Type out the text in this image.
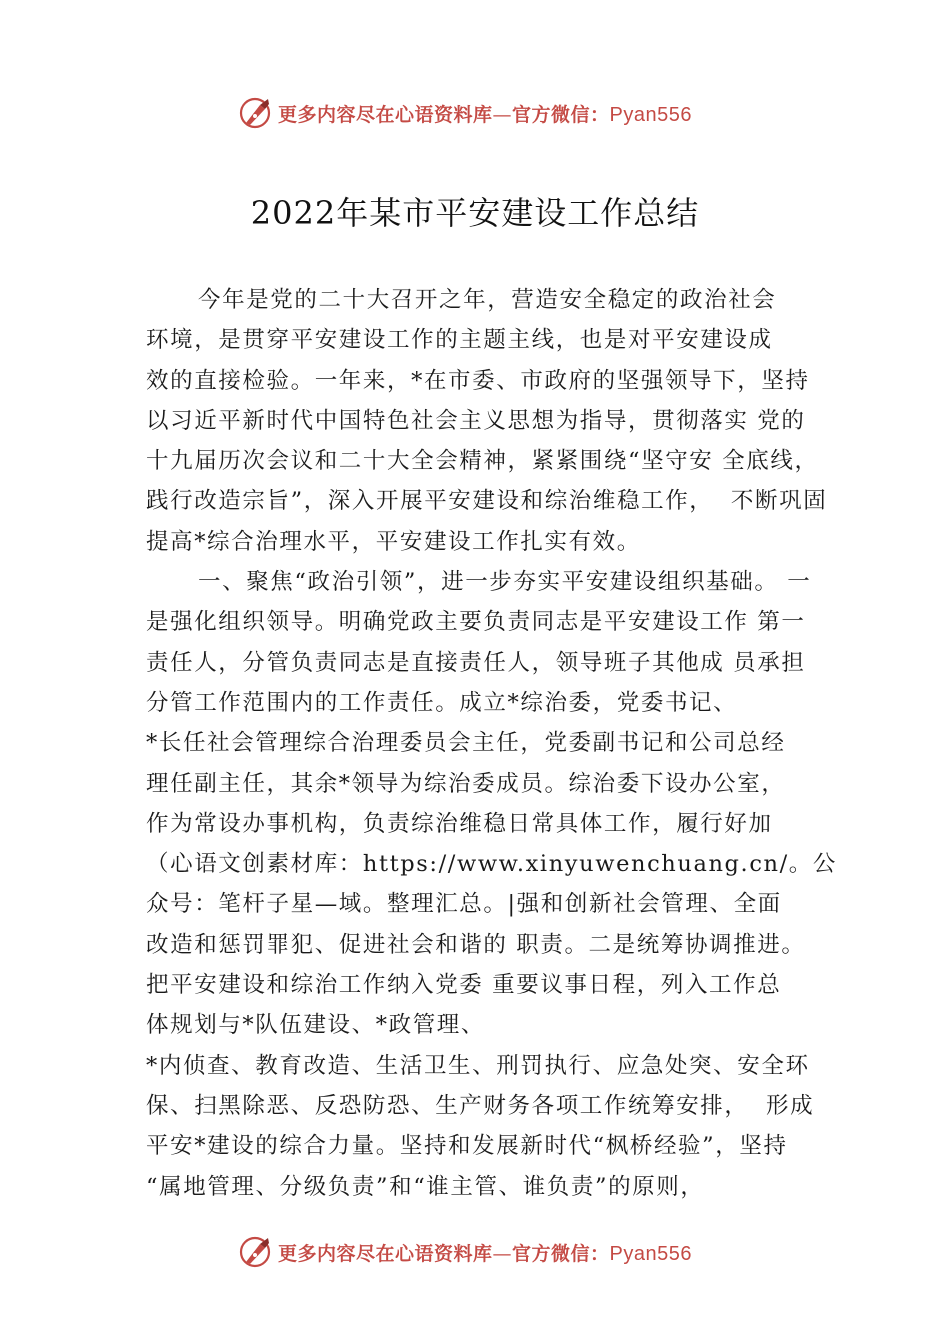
更多内容尽在心语资料库—官方微信：Pyan556
2022年某市平安建设工作总结
今年是党的二十大召开之年，营造安全稳定的政治社会
环境，是贯穿平安建设工作的主题主线，也是对平安建设成
效的直接检验。一年来，*在市委、市政府的坚强领导下，坚持
以习近平新时代中国特色社会主义思想为指导，贯彻落实 党的
十九届历次会议和二十大全会精神，紧紧围绕“坚守安 全底线，
践行改造宗旨”，深入开展平安建设和综治维稳工作，  不断巩固
提高*综合治理水平，平安建设工作扎实有效。
一、聚焦“政治引领”，进一步夯实平安建设组织基础。 一
是强化组织领导。明确党政主要负责同志是平安建设工作 第一
责任人，分管负责同志是直接责任人，领导班子其他成 员承担
分管工作范围内的工作责任。成立*综治委，党委书记、
*长任社会管理综合治理委员会主任，党委副书记和公司总经
理任副主任，其余*领导为综治委成员。综治委下设办公室，
作为常设办事机构，负责综治维稳日常具体工作，履行好加
（心语文创素材库：https://www.xinyuwenchuang.cn/。公
众号：笔杆子星—域。整理汇总。|强和创新社会管理、全面
改造和惩罚罪犯、促进社会和谐的 职责。二是统筹协调推进。
把平安建设和综治工作纳入党委 重要议事日程，列入工作总
体规划与*队伍建设、*政管理、
*内侦查、教育改造、生活卫生、刑罚执行、应急处突、安全环
保、扫黑除恶、反恐防恐、生产财务各项工作统筹安排，  形成
平安*建设的综合力量。坚持和发展新时代“枫桥经验”，坚持
“属地管理、分级负责”和“谁主管、谁负责”的原则，
更多内容尽在心语资料库—官方微信：Pyan556
